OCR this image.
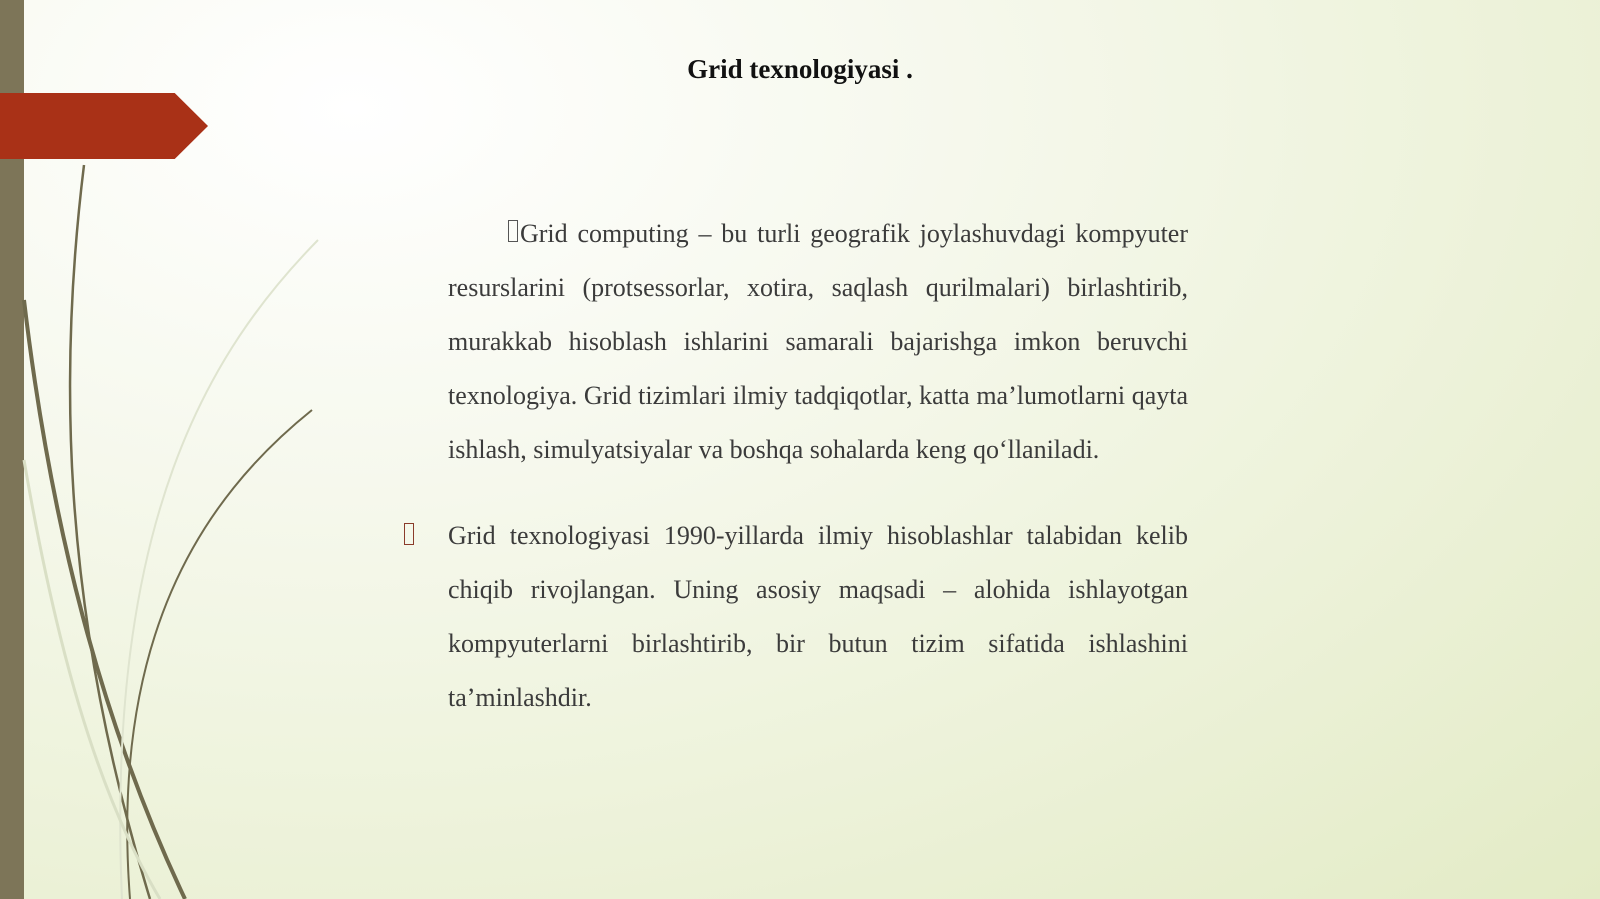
Grid texnologiyasi .

Grid computing – bu turli geografik joylashuvdagi kompyuter resurslarini (protsessorlar, xotira, saqlash qurilmalari) birlashtirib, murakkab hisoblash ishlarini samarali bajarishga imkon beruvchi texnologiya. Grid tizimlari ilmiy tadqiqotlar, katta ma’lumotlarni qayta ishlash, simulyatsiyalar va boshqa sohalarda keng qo‘llaniladi.

Grid texnologiyasi 1990-yillarda ilmiy hisoblashlar talabidan kelib chiqib rivojlangan. Uning asosiy maqsadi – alohida ishlayotgan kompyuterlarni birlashtirib, bir butun tizim sifatida ishlashini ta’minlashdir.
